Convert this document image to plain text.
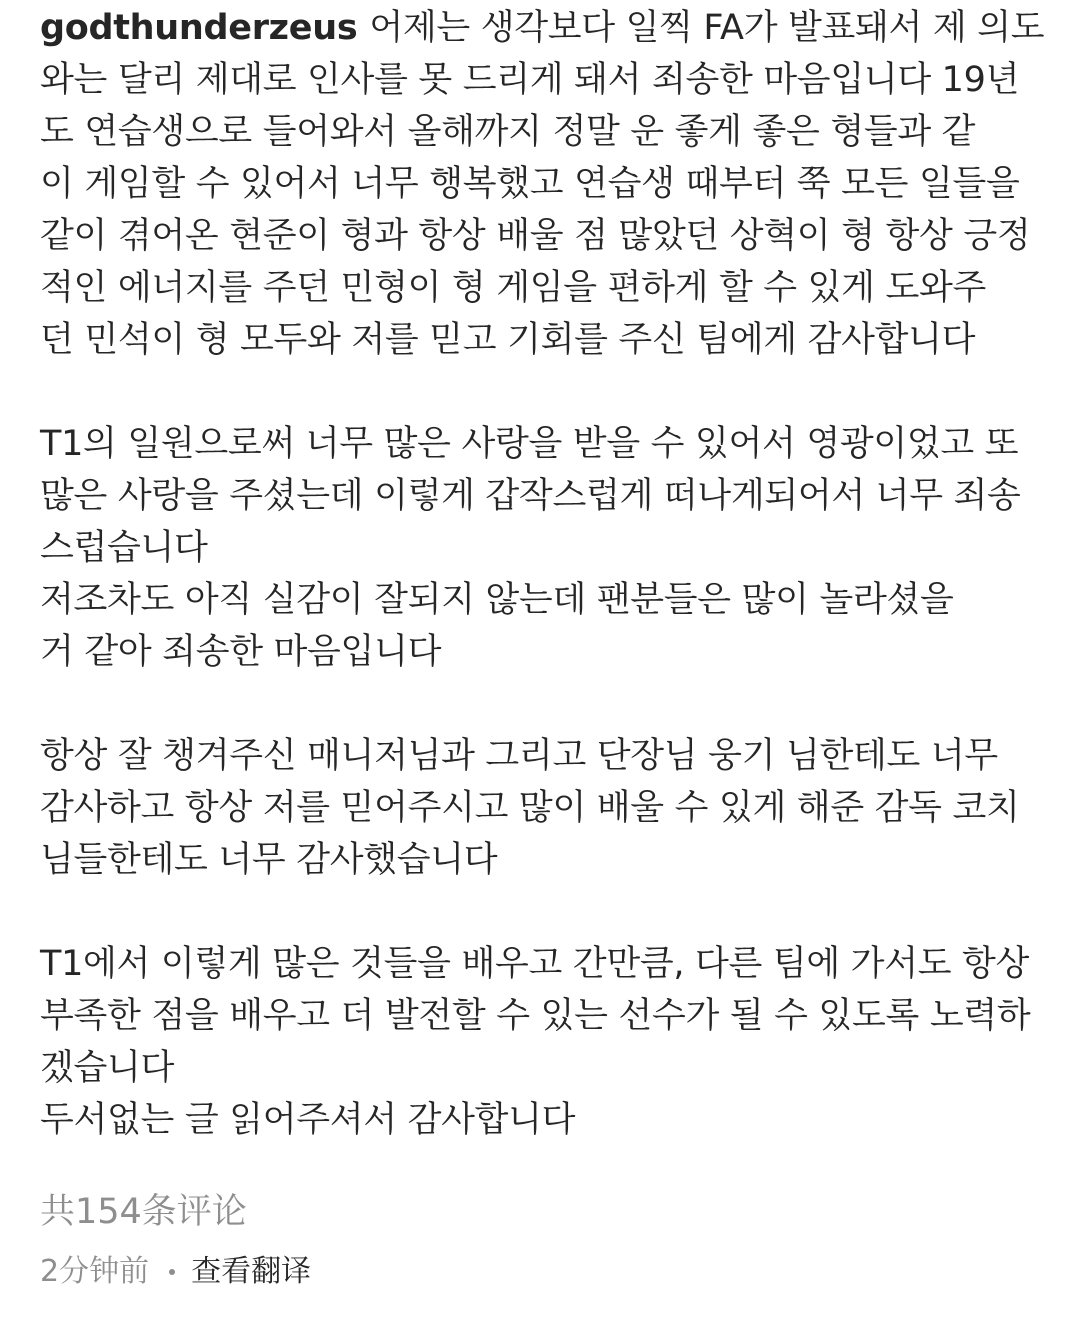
godthunderzeus 어제는 생각보다 일찍 FA가 발표돼서 제 의도
와는 달리 제대로 인사를 못 드리게 돼서 죄송한 마음입니다 19년
도 연습생으로 들어와서 올해까지 정말 운 좋게 좋은 형들과 같
이 게임할 수 있어서 너무 행복했고 연습생 때부터 쭉 모든 일들을
같이 겪어온 현준이 형과 항상 배울 점 많았던 상혁이 형 항상 긍정
적인 에너지를 주던 민형이 형 게임을 편하게 할 수 있게 도와주
던 민석이 형 모두와 저를 믿고 기회를 주신 팀에게 감사합니다
T1의 일원으로써 너무 많은 사랑을 받을 수 있어서 영광이었고 또
많은 사랑을 주셨는데 이렇게 갑작스럽게 떠나게되어서 너무 죄송
스럽습니다
저조차도 아직 실감이 잘되지 않는데 팬분들은 많이 놀라셨을
거 같아 죄송한 마음입니다
항상 잘 챙겨주신 매니저님과 그리고 단장님 웅기 님한테도 너무
감사하고 항상 저를 믿어주시고 많이 배울 수 있게 해준 감독 코치
님들한테도 너무 감사했습니다
T1에서 이렇게 많은 것들을 배우고 간만큼, 다른 팀에 가서도 항상
부족한 점을 배우고 더 발전할 수 있는 선수가 될 수 있도록 노력하
겠습니다
두서없는 글 읽어주셔서 감사합니다
共154条评论
2分钟前 查看翻译
